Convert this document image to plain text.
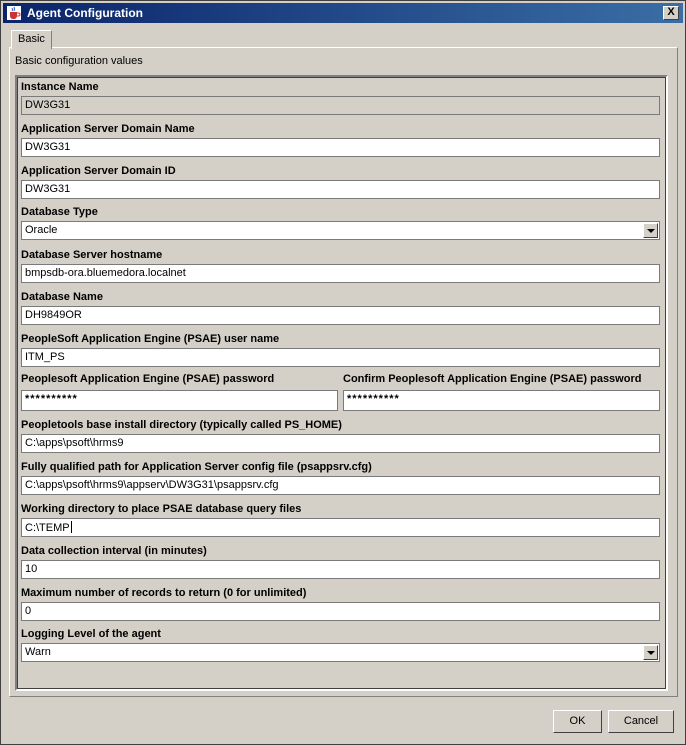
Agent Configuration	X
Basic
Basic configuration values
Instance Name
DW3G31
Application Server Domain Name
DW3G31
Application Server Domain ID
DW3G31
Database Type
Oracle
Database Server hostname
bmpsdb-ora.bluemedora.localnet
Database Name
DH9849OR
PeopleSoft Application Engine (PSAE) user name
ITM_PS
Peoplesoft Application Engine (PSAE) password
**********
Confirm Peoplesoft Application Engine (PSAE) password
**********
Peopletools base install directory (typically called PS_HOME)
C:\apps\psoft\hrms9
Fully qualified path for Application Server config file (psappsrv.cfg)
C:\apps\psoft\hrms9\appserv\DW3G31\psappsrv.cfg
Working directory to place PSAE database query files
C:\TEMP
Data collection interval (in minutes)
10
Maximum number of records to return (0 for unlimited)
0
Logging Level of the agent
Warn
OK	Cancel
